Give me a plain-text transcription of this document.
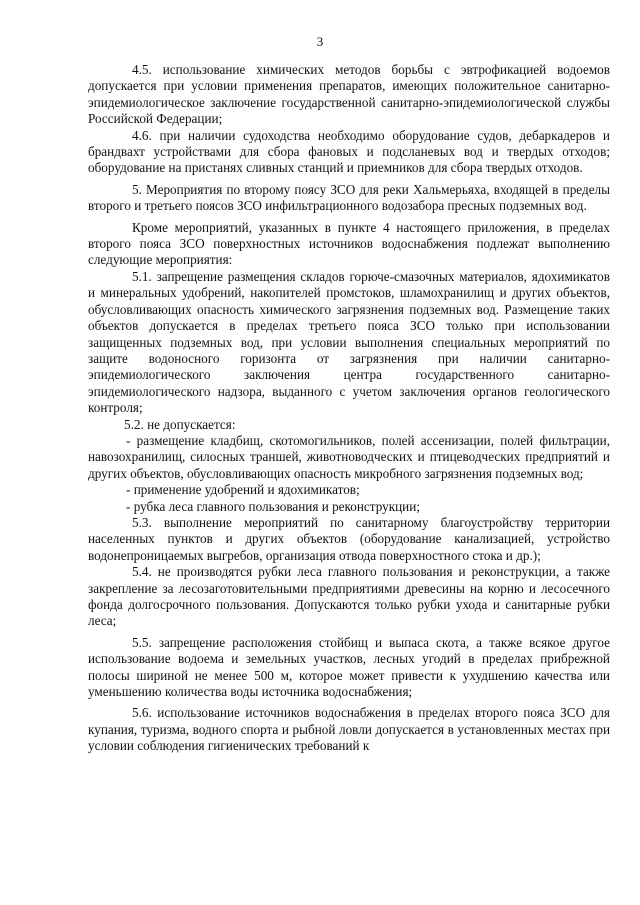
3

4.5. использование химических методов борьбы с эвтрофикацией водоемов допускается при условии применения препаратов, имеющих положительное санитарно-эпидемиологическое заключение государственной санитарно-эпидемиологической службы Российской Федерации;

4.6. при наличии судоходства необходимо оборудование судов, дебаркадеров и брандвахт устройствами для сбора фановых и подсланевых вод и твердых отходов; оборудование на пристанях сливных станций и приемников для сбора твердых отходов.

5. Мероприятия по второму поясу ЗСО для реки Хальмерьяха, входящей в пределы второго и третьего поясов ЗСО инфильтрационного водозабора пресных подземных вод.

Кроме мероприятий, указанных в пункте 4 настоящего приложения, в пределах второго пояса ЗСО поверхностных источников водоснабжения подлежат выполнению следующие мероприятия:

5.1. запрещение размещения складов горюче-смазочных материалов, ядохимикатов и минеральных удобрений, накопителей промстоков, шламохранилищ и других объектов, обусловливающих опасность химического загрязнения подземных вод. Размещение таких объектов допускается в пределах третьего пояса ЗСО только при использовании защищенных подземных вод, при условии выполнения специальных мероприятий по защите водоносного горизонта от загрязнения при наличии санитарно-эпидемиологического заключения центра государственного санитарно-эпидемиологического надзора, выданного с учетом заключения органов геологического контроля;

5.2. не допускается:

- размещение кладбищ, скотомогильников, полей ассенизации, полей фильтрации, навозохранилищ, силосных траншей, животноводческих и птицеводческих предприятий и других объектов, обусловливающих опасность микробного загрязнения подземных вод;

- применение удобрений и ядохимикатов;

- рубка леса главного пользования и реконструкции;

5.3. выполнение мероприятий по санитарному благоустройству территории населенных пунктов и других объектов (оборудование канализацией, устройство водонепроницаемых выгребов, организация отвода поверхностного стока и др.);

5.4. не производятся рубки леса главного пользования и реконструкции, а также закрепление за лесозаготовительными предприятиями древесины на корню и лесосечного фонда долгосрочного пользования. Допускаются только рубки ухода и санитарные рубки леса;

5.5. запрещение расположения стойбищ и выпаса скота, а также всякое другое использование водоема и земельных участков, лесных угодий в пределах прибрежной полосы шириной не менее 500 м, которое может привести к ухудшению качества или уменьшению количества воды источника водоснабжения;

5.6. использование источников водоснабжения в пределах второго пояса ЗСО для купания, туризма, водного спорта и рыбной ловли допускается в установленных местах при условии соблюдения гигиенических требований к
